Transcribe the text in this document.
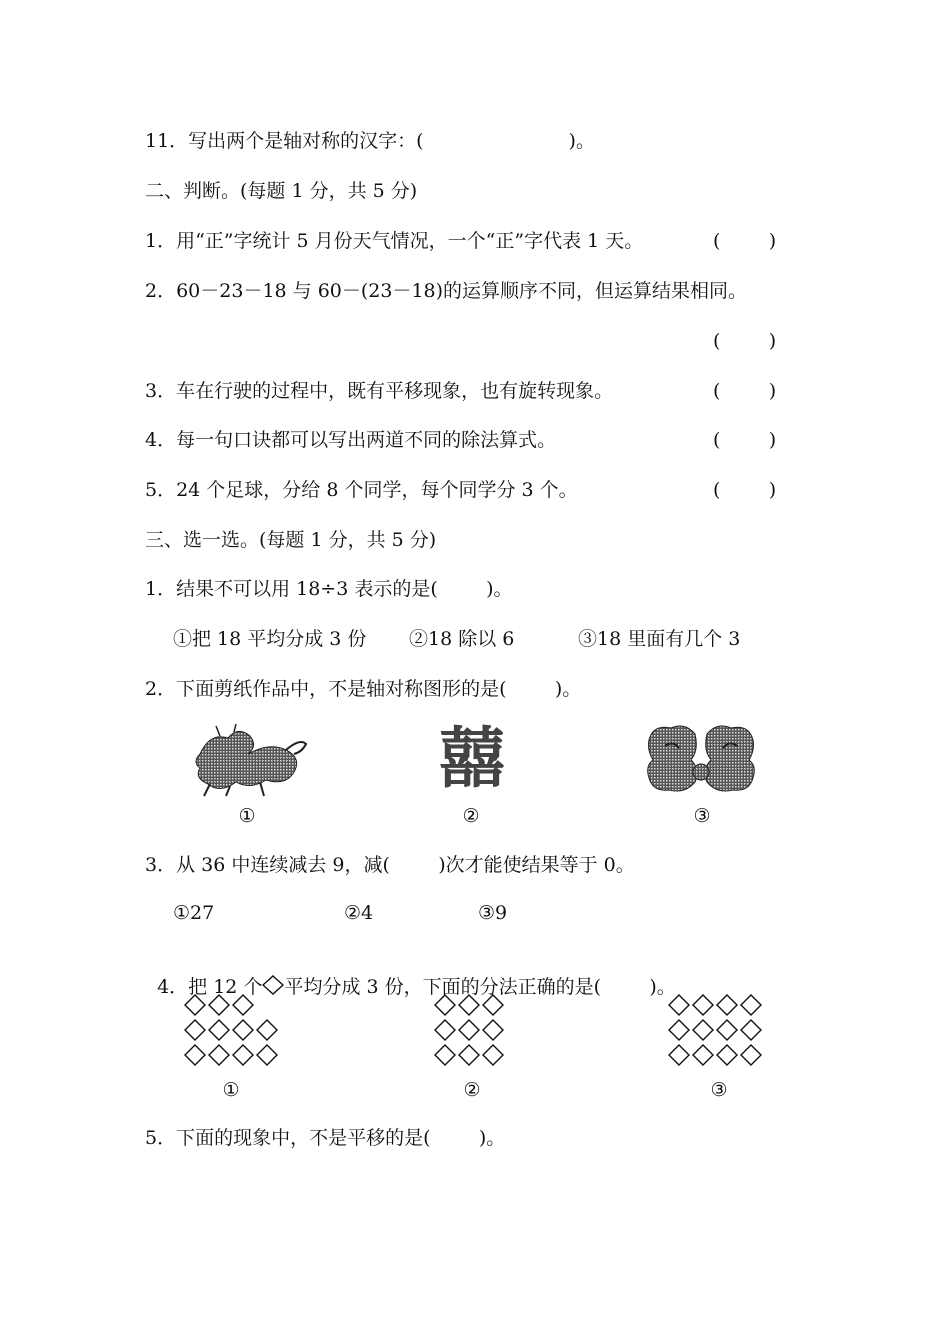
11．写出两个是轴对称的汉字：(                        )。
二、判断。(每题 1 分，共 5 分)
1．用“正”字统计 5 月份天气情况，一个“正”字代表 1 天。	(        )
2．60－23－18 与 60－(23－18)的运算顺序不同，但运算结果相同。
(        )
3．车在行驶的过程中，既有平移现象，也有旋转现象。	(        )
4．每一句口诀都可以写出两道不同的除法算式。	(        )
5．24 个足球，分给 8 个同学，每个同学分 3 个。	(        )
三、选一选。(每题 1 分，共 5 分)
1．结果不可以用 18÷3 表示的是(        )。
①把 18 平均分成 3 份 ②18 除以 6	③18 里面有几个 3
2．下面剪纸作品中，不是轴对称图形的是(        )。
囍
①	②	③
3．从 36 中连续减去 9，减(        )次才能使结果等于 0。
①27	②4	③9

4．把 12 个 平均分成 3 份，下面的分法正确的是(        )。

①	②	③
5．下面的现象中，不是平移的是(        )。
